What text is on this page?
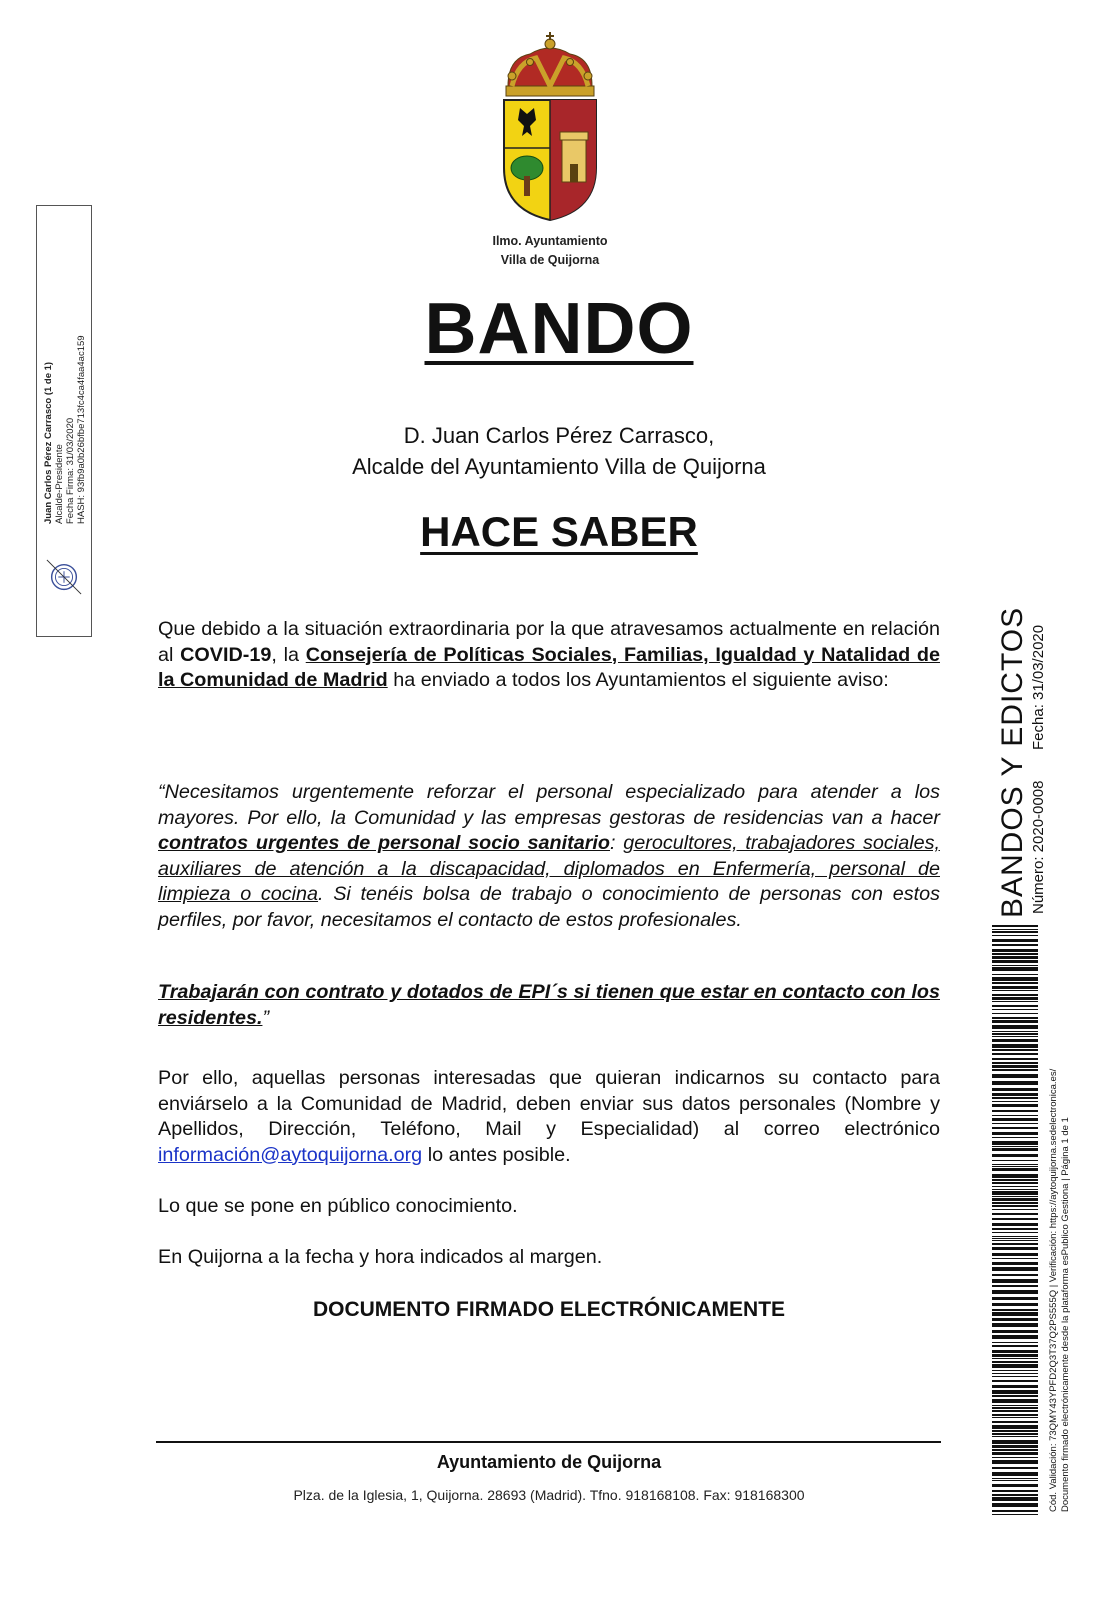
Ilmo. Ayuntamiento
Villa de Quijorna
BANDO
D. Juan Carlos Pérez Carrasco,
Alcalde del Ayuntamiento Villa de Quijorna
HACE SABER
Que debido a la situación extraordinaria por la que atravesamos actualmente en relación al COVID-19, la Consejería de Políticas Sociales, Familias, Igualdad y Natalidad de la Comunidad de Madrid ha enviado a todos los Ayuntamientos el siguiente aviso:
“Necesitamos urgentemente reforzar el personal especializado para atender a los mayores. Por ello, la Comunidad y las empresas gestoras de residencias van a hacer contratos urgentes de personal socio sanitario: gerocultores, trabajadores sociales, auxiliares de atención a la discapacidad, diplomados en Enfermería, personal de limpieza o cocina. Si tenéis bolsa de trabajo o conocimiento de personas con estos perfiles, por favor, necesitamos el contacto de estos profesionales.
Trabajarán con contrato y dotados de EPI´s si tienen que estar en contacto con los residentes.”
Por ello, aquellas personas interesadas que quieran indicarnos su contacto para enviárselo a la Comunidad de Madrid, deben enviar sus datos personales (Nombre y Apellidos, Dirección, Teléfono, Mail y Especialidad) al correo electrónico información@aytoquijorna.org lo antes posible.
Lo que se pone en público conocimiento.
En Quijorna a la fecha y hora indicados al margen.
DOCUMENTO FIRMADO ELECTRÓNICAMENTE
Ayuntamiento de Quijorna
Plza. de la Iglesia, 1, Quijorna. 28693 (Madrid). Tfno. 918168108. Fax: 918168300
Juan Carlos Pérez Carrasco (1 de 1) Alcalde-Presidente Fecha Firma: 31/03/2020 HASH: 93fb9a0b26bfbe713fc4ca4faa4ac159
BANDOS Y EDICTOS Número: 2020-0008
Fecha: 31/03/2020
Cód. Validación: 73QMY43YPFD2Q3T37Q2PS555Q | Verificación: https://aytoquijorna.sedelectronica.es/ Documento firmado electrónicamente desde la plataforma esPublico Gestiona | Página 1 de 1
